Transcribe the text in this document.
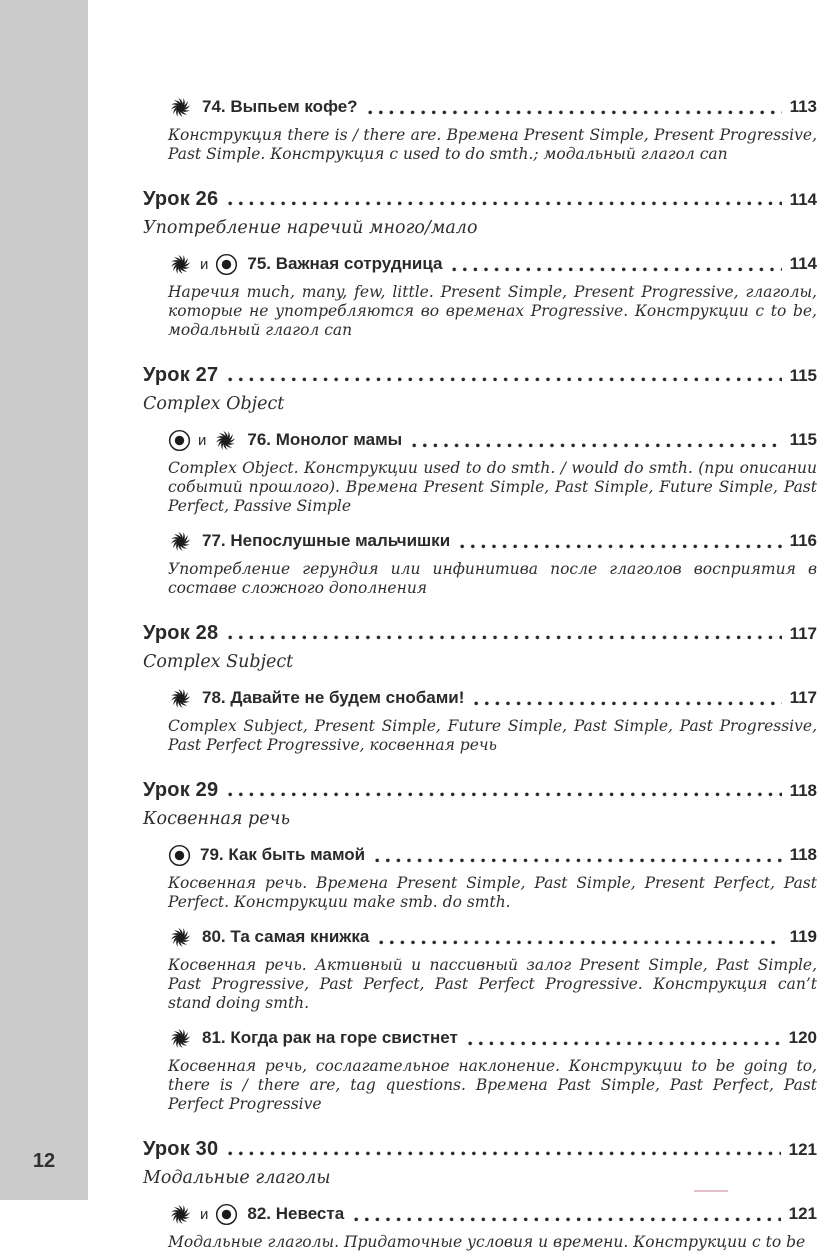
12
74. Выпьем кофе?	113
Конструкция there is / there are. Времена Present Simple, Present Progressive, Past Simple. Конструкция с used to do smth.; модальный глагол can
Урок 26	114
Употребление наречий много/мало
и 75. Важная сотрудница	114
Наречия much, many, few, little. Present Simple, Present Progressive, глаголы, которые не употребляются во временах Progressive. Конструкции с to be, модальный глагол can
Урок 27	115
Complex Object
и 76. Монолог мамы	115
Complex Object. Конструкции used to do smth. / would do smth. (при описании событий прошлого). Времена Present Simple, Past Simple, Future Simple, Past Perfect, Passive Simple
77. Непослушные мальчишки	116
Употребление герундия или инфинитива после глаголов восприятия в составе сложного дополнения
Урок 28	117
Complex Subject
78. Давайте не будем снобами!	117
Complex Subject, Present Simple, Future Simple, Past Simple, Past Progressive, Past Perfect Progressive, косвенная речь
Урок 29	118
Косвенная речь
79. Как быть мамой	118
Косвенная речь. Времена Present Simple, Past Simple, Present Perfect, Past Perfect. Конструкции make smb. do smth.
80. Та самая книжка	119
Косвенная речь. Активный и пассивный залог Present Simple, Past Simple, Past Progressive, Past Perfect, Past Perfect Progressive. Конструкция can’t stand doing smth.
81. Когда рак на горе свистнет	120
Косвенная речь, сослагательное наклонение. Конструкции to be going to, there is / there are, tag questions. Времена Past Simple, Past Perfect, Past Perfect Progressive
Урок 30	121
Модальные глаголы
и 82. Невеста	121
Модальные глаголы. Придаточные условия и времени. Конструкции с to be
